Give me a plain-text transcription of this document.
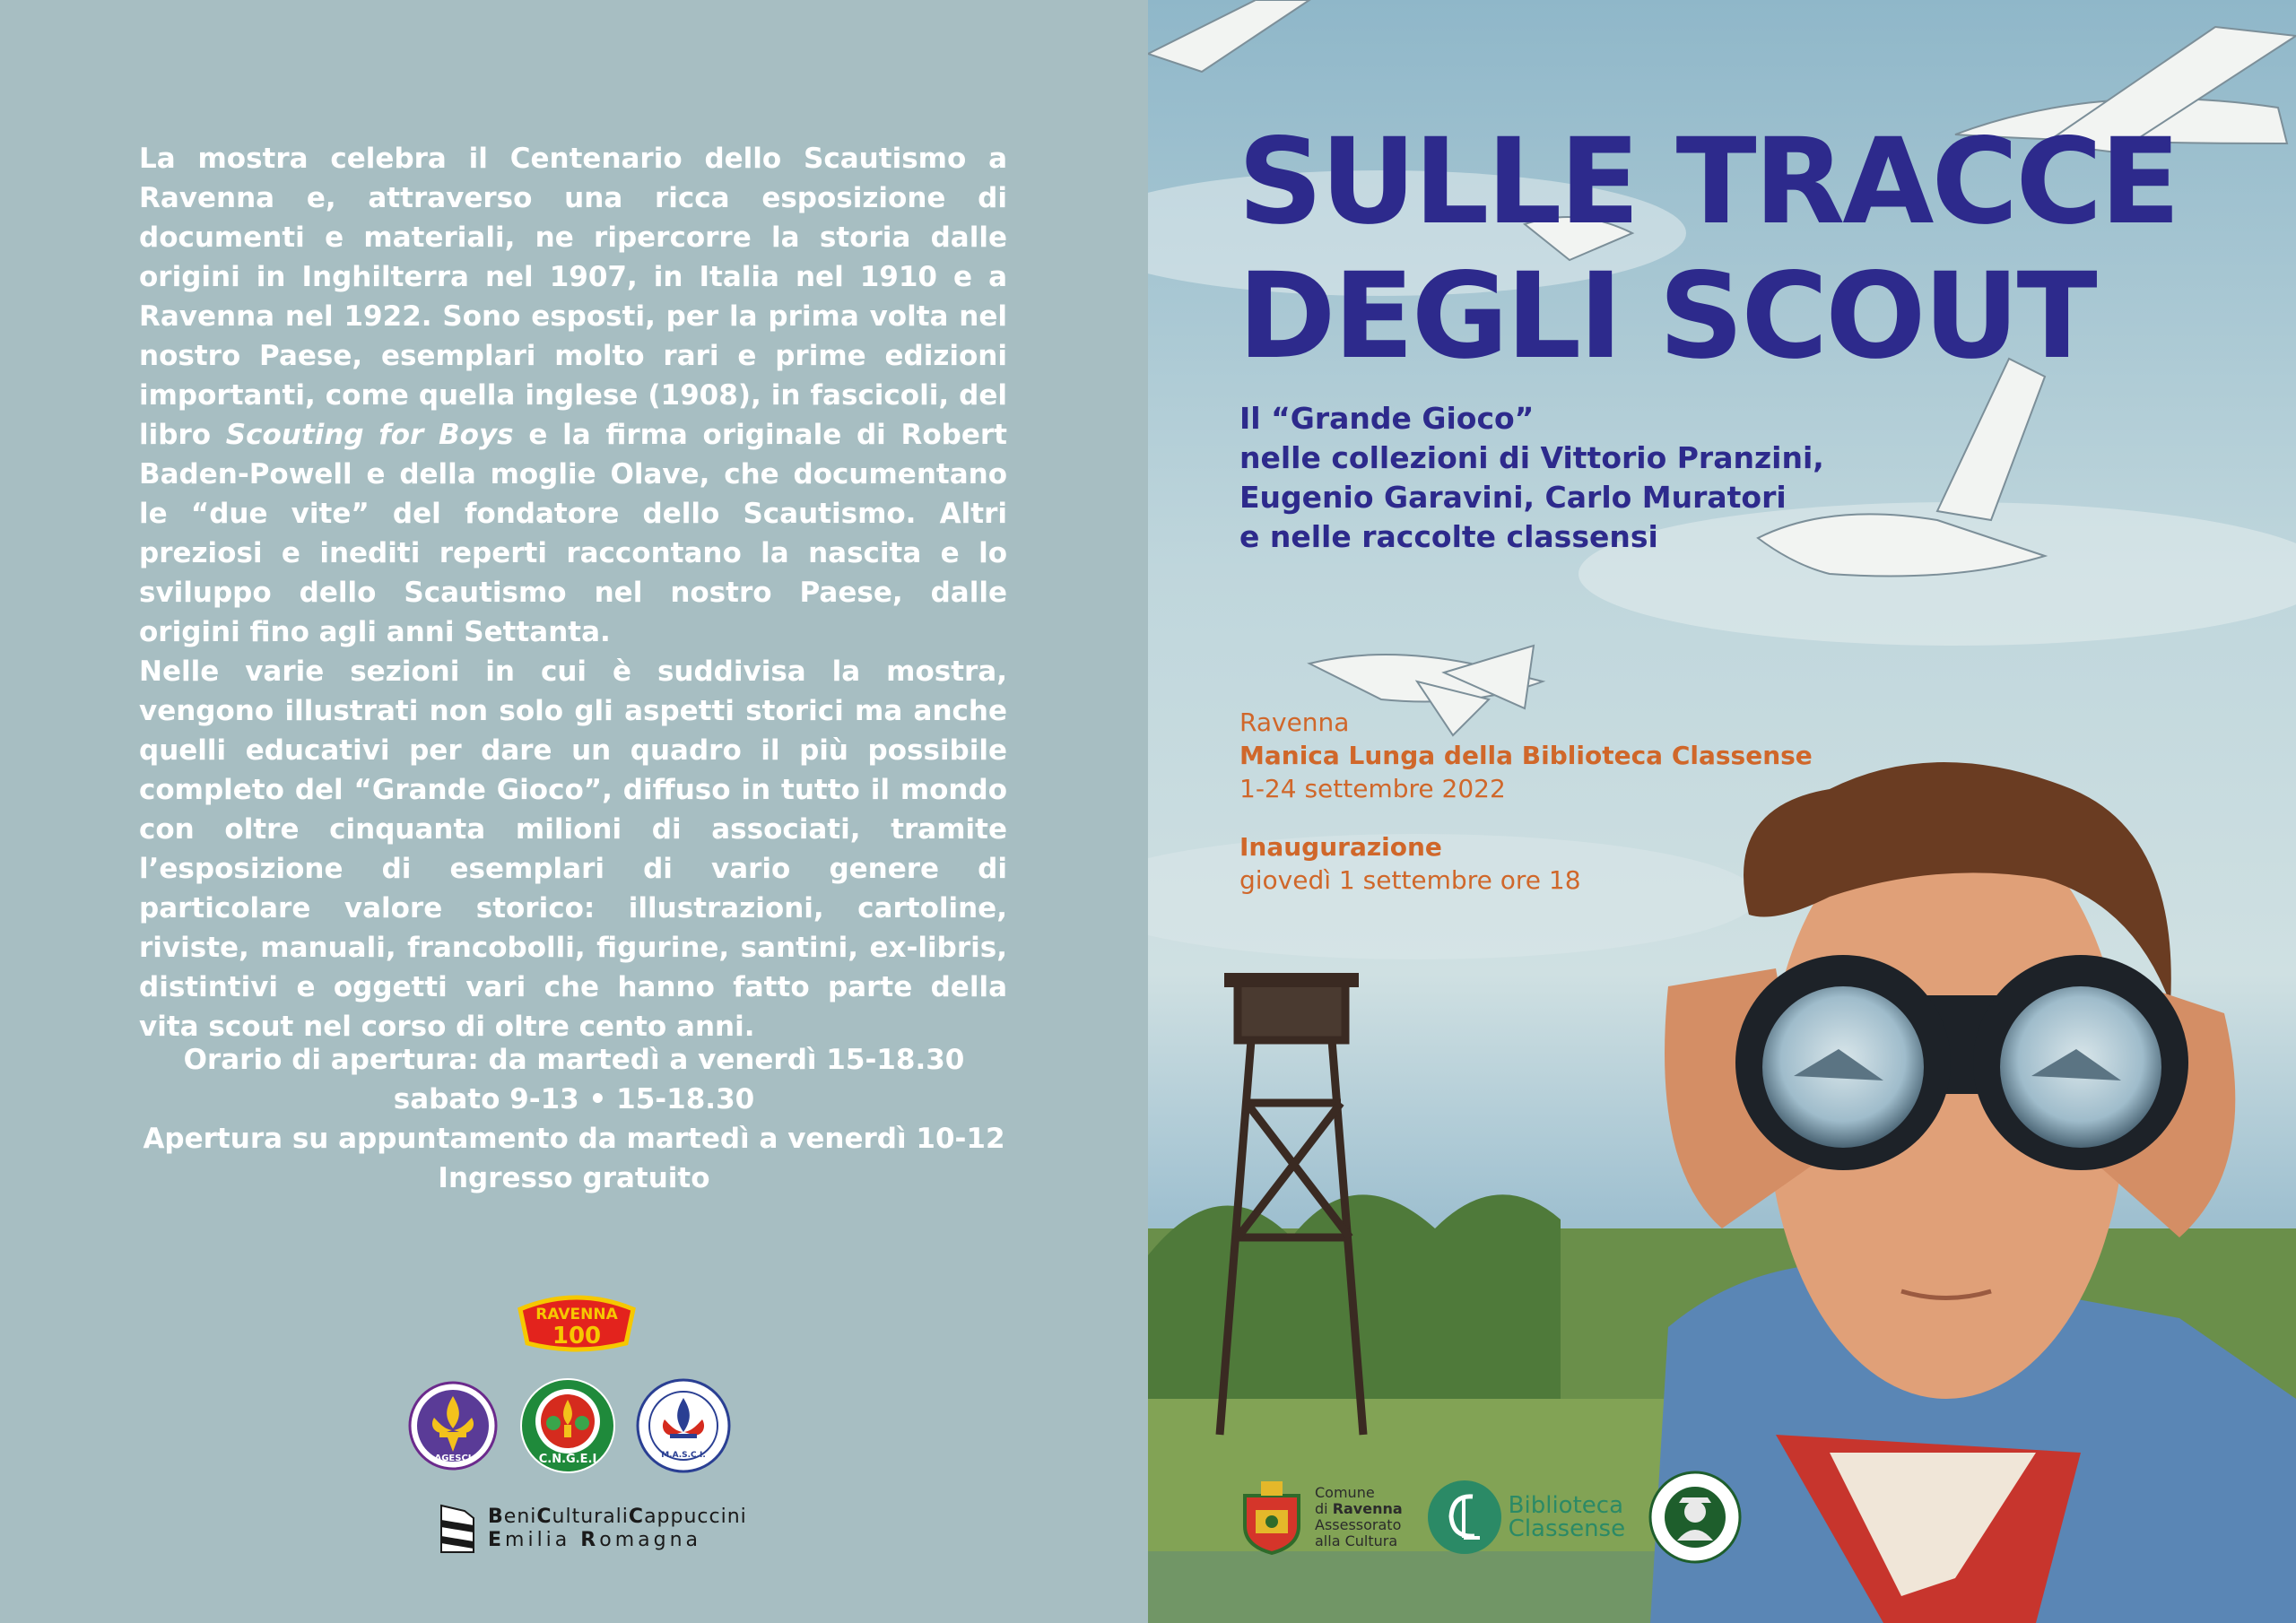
La mostra celebra il Centenario dello Scautismo a Ravenna e, attraverso una ricca esposizione di documenti e materiali, ne ripercorre la storia dalle origini in Inghilterra nel 1907, in Italia nel 1910 e a Ravenna nel 1922. Sono esposti, per la prima volta nel nostro Paese, esemplari molto rari e prime edizioni importanti, come quella inglese (1908), in fascicoli, del libro Scouting for Boys e la firma originale di Robert Baden-Powell e della moglie Olave, che documentano le “due vite” del fondatore dello Scautismo. Altri preziosi e inediti reperti raccontano la nascita e lo sviluppo dello Scautismo nel nostro Paese, dalle origini fino agli anni Settanta.

Nelle varie sezioni in cui è suddivisa la mostra, vengono illustrati non solo gli aspetti storici ma anche quelli educativi per dare un quadro il più possibile completo del “Grande Gioco”, diffuso in tutto il mondo con oltre cinquanta milioni di associati, tramite l’esposizione di esemplari di vario genere di particolare valore storico: illustrazioni, cartoline, riviste, manuali, francobolli, figurine, santini, ex-libris, distintivi e oggetti vari che hanno fatto parte della vita scout nel corso di oltre cento anni.

Orario di apertura: da martedì a venerdì 15-18.30
sabato 9-13 • 15-18.30
Apertura su appuntamento da martedì a venerdì 10-12
Ingresso gratuito
RAVENNA
100
AGESCI	C.N.G.E.I	M.A.S.C.I.
BeniCulturaliCappuccini
Emilia Romagna
SULLE TRACCE
DEGLI SCOUT
Il “Grande Gioco”
nelle collezioni di Vittorio Pranzini,
Eugenio Garavini, Carlo Muratori
e nelle raccolte classensi
Ravenna
Manica Lunga della Biblioteca Classense
1-24 settembre 2022
Inaugurazione
giovedì 1 settembre ore 18
Comune
di Ravenna
Assessorato
alla Cultura
Biblioteca
Classense
